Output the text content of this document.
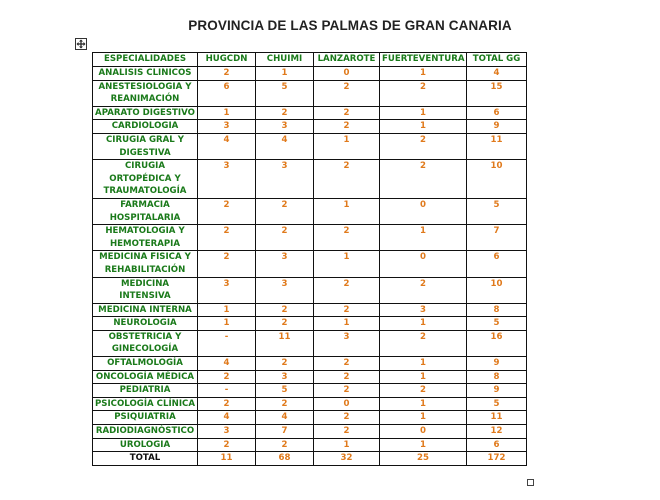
PROVINCIA DE LAS PALMAS DE GRAN CANARIA
ESPECIALIDADES	HUGCDN	CHUIMI	LANZAROTE	FUERTEVENTURA	TOTAL GG
ANALISIS CLINICOS	2	1	0	1	4
ANESTESIOLOGIA Y REANIMACIÓN	6	5	2	2	15
APARATO DIGESTIVO	1	2	2	1	6
CARDIOLOGIA	3	3	2	1	9
CIRUGIA GRAL Y DIGESTIVA	4	4	1	2	11
CIRUGIA ORTOPÉDICA Y TRAUMATOLOGÍA	3	3	2	2	10
FARMACIA HOSPITALARIA	2	2	1	0	5
HEMATOLOGIA Y HEMOTERAPIA	2	2	2	1	7
MEDICINA FISICA Y REHABILITACIÓN	2	3	1	0	6
MEDICINA INTENSIVA	3	3	2	2	10
MEDICINA INTERNA	1	2	2	3	8
NEUROLOGIA	1	2	1	1	5
OBSTETRICIA Y GINECOLOGÍA	-	11	3	2	16
OFTALMOLOGÍA	4	2	2	1	9
ONCOLOGÍA MÉDICA	2	3	2	1	8
PEDIATRIA	-	5	2	2	9
PSICOLOGÍA CLÍNICA	2	2	0	1	5
PSIQUIATRIA	4	4	2	1	11
RADIODIAGNÓSTICO	3	7	2	0	12
UROLOGIA	2	2	1	1	6
TOTAL	11	68	32	25	172
